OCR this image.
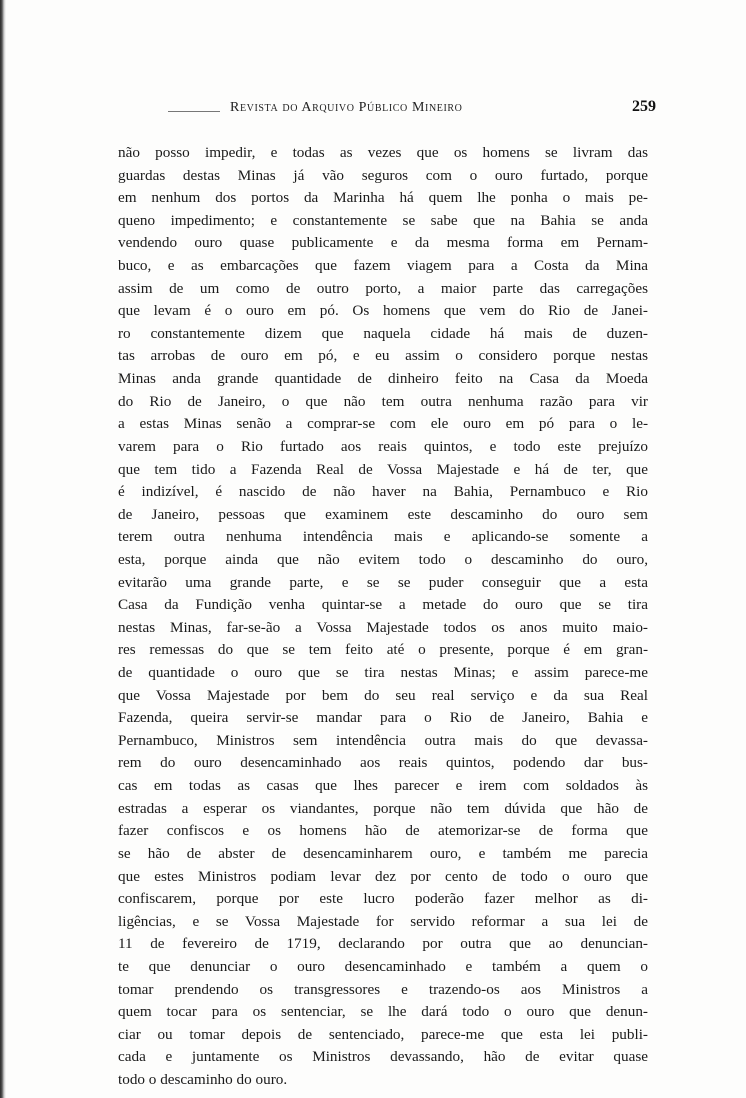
Revista do Arquivo Público Mineiro	259
não posso impedir, e todas as vezes que os homens se livram das
guardas destas Minas já vão seguros com o ouro furtado, porque
em nenhum dos portos da Marinha há quem lhe ponha o mais pe-
queno impedimento; e constantemente se sabe que na Bahia se anda
vendendo ouro quase publicamente e da mesma forma em Pernam-
buco, e as embarcações que fazem viagem para a Costa da Mina
assim de um como de outro porto, a maior parte das carregações
que levam é o ouro em pó. Os homens que vem do Rio de Janei-
ro constantemente dizem que naquela cidade há mais de duzen-
tas arrobas de ouro em pó, e eu assim o considero porque nestas
Minas anda grande quantidade de dinheiro feito na Casa da Moeda
do Rio de Janeiro, o que não tem outra nenhuma razão para vir
a estas Minas senão a comprar-se com ele ouro em pó para o le-
varem para o Rio furtado aos reais quintos, e todo este prejuízo
que tem tido a Fazenda Real de Vossa Majestade e há de ter, que
é indizível, é nascido de não haver na Bahia, Pernambuco e Rio
de Janeiro, pessoas que examinem este descaminho do ouro sem
terem outra nenhuma intendência mais e aplicando-se somente a
esta, porque ainda que não evitem todo o descaminho do ouro,
evitarão uma grande parte, e se se puder conseguir que a esta
Casa da Fundição venha quintar-se a metade do ouro que se tira
nestas Minas, far-se-ão a Vossa Majestade todos os anos muito maio-
res remessas do que se tem feito até o presente, porque é em gran-
de quantidade o ouro que se tira nestas Minas; e assim parece-me
que Vossa Majestade por bem do seu real serviço e da sua Real
Fazenda, queira servir-se mandar para o Rio de Janeiro, Bahia e
Pernambuco, Ministros sem intendência outra mais do que devassa-
rem do ouro desencaminhado aos reais quintos, podendo dar bus-
cas em todas as casas que lhes parecer e irem com soldados às
estradas a esperar os viandantes, porque não tem dúvida que hão de
fazer confiscos e os homens hão de atemorizar-se de forma que
se hão de abster de desencaminharem ouro, e também me parecia
que estes Ministros podiam levar dez por cento de todo o ouro que
confiscarem, porque por este lucro poderão fazer melhor as di-
ligências, e se Vossa Majestade for servido reformar a sua lei de
11 de fevereiro de 1719, declarando por outra que ao denuncian-
te que denunciar o ouro desencaminhado e também a quem o
tomar prendendo os transgressores e trazendo-os aos Ministros a
quem tocar para os sentenciar, se lhe dará todo o ouro que denun-
ciar ou tomar depois de sentenciado, parece-me que esta lei publi-
cada e juntamente os Ministros devassando, hão de evitar quase
todo o descaminho do ouro.
